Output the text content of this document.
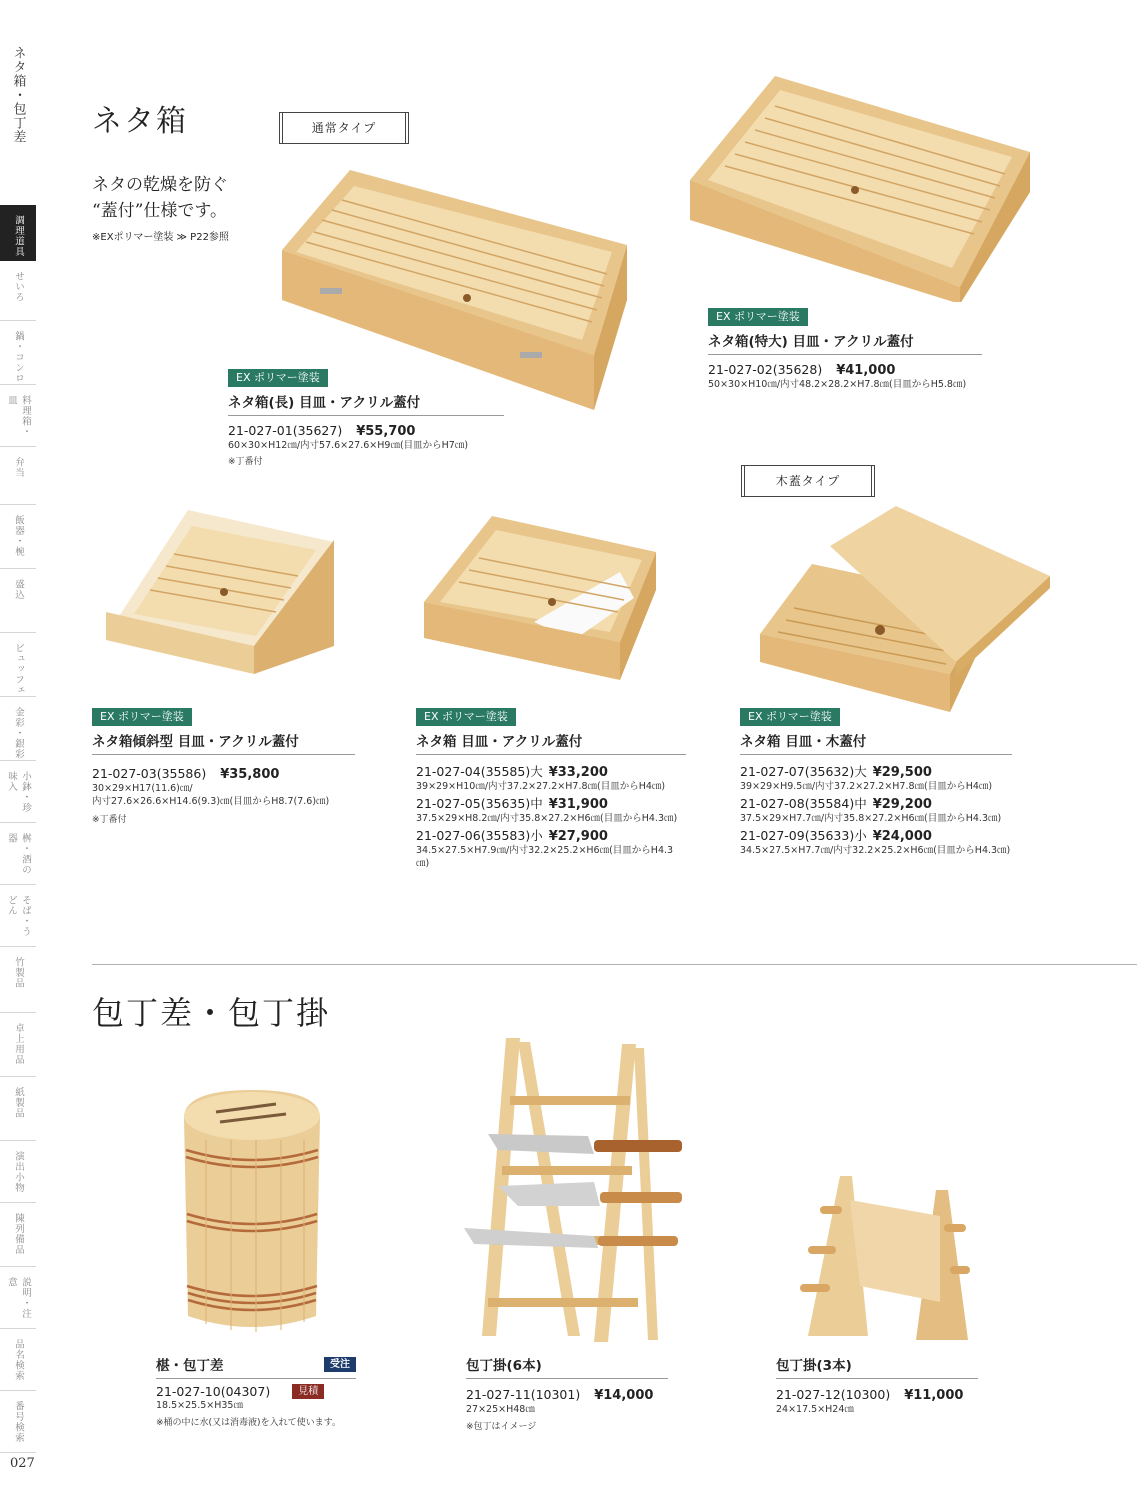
ネタ箱・包丁差
調理道具
せいろ
鍋・コンロ
料理箱・皿
弁当
飯器・椀
盛込
ビュッフェ
金彩・銀彩
小鉢・珍味入
桝・酒の器
そば・うどん
竹製品
卓上用品
紙製品
演出小物
陳列備品
説明・注意
品名検索
番号検索
ネタ箱	通常タイプ
ネタの乾燥を防ぐ
“蓋付”仕様です。
※EXポリマー塗装 ≫ P22参照
EX ポリマー塗装
ネタ箱(長) 目皿・アクリル蓋付
21-027-01(35627) ¥55,700
60×30×H12㎝/内寸57.6×27.6×H9㎝(目皿からH7㎝)
※丁番付
EX ポリマー塗装
ネタ箱(特大) 目皿・アクリル蓋付
21-027-02(35628) ¥41,000
50×30×H10㎝/内寸48.2×28.2×H7.8㎝(目皿からH5.8㎝)
木蓋タイプ
EX ポリマー塗装
ネタ箱傾斜型 目皿・アクリル蓋付
21-027-03(35586) ¥35,800
30×29×H17(11.6)㎝/
内寸27.6×26.6×H14.6(9.3)㎝(目皿からH8.7(7.6)㎝)
※丁番付
EX ポリマー塗装
ネタ箱 目皿・アクリル蓋付
21-027-04(35585)大 ¥33,200
39×29×H10㎝/内寸37.2×27.2×H7.8㎝(目皿からH4㎝)
21-027-05(35635)中 ¥31,900
37.5×29×H8.2㎝/内寸35.8×27.2×H6㎝(目皿からH4.3㎝)
21-027-06(35583)小 ¥27,900
34.5×27.5×H7.9㎝/内寸32.2×25.2×H6㎝(目皿からH4.3㎝)
EX ポリマー塗装
ネタ箱 目皿・木蓋付
21-027-07(35632)大 ¥29,500
39×29×H9.5㎝/内寸37.2×27.2×H7.8㎝(目皿からH4㎝)
21-027-08(35584)中 ¥29,200
37.5×29×H7.7㎝/内寸35.8×27.2×H6㎝(目皿からH4.3㎝)
21-027-09(35633)小 ¥24,000
34.5×27.5×H7.7㎝/内寸32.2×25.2×H6㎝(目皿からH4.3㎝)
包丁差・包丁掛
椹・包丁差	受注
21-027-10(04307)	見積
18.5×25.5×H35㎝
※桶の中に水(又は消毒液)を入れて使います。
包丁掛(6本)
21-027-11(10301) ¥14,000
27×25×H48㎝
※包丁はイメージ
包丁掛(3本)
21-027-12(10300) ¥11,000
24×17.5×H24㎝
027
